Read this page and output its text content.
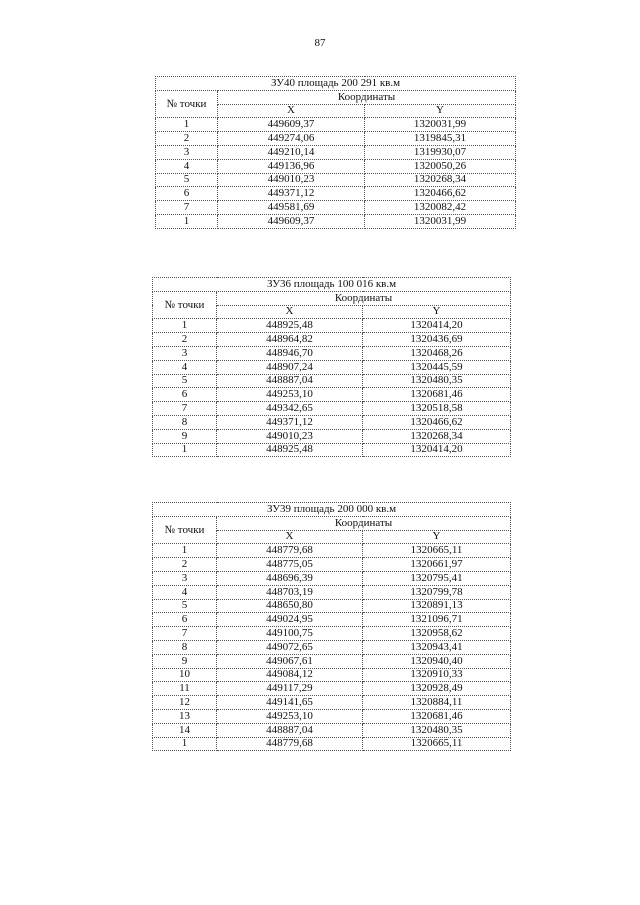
87
ЗУ40 площадь 200 291 кв.м		
№ точки	Координаты	
	X	Y
1	449609,37	1320031,99
2	449274,06	1319845,31
3	449210,14	1319930,07
4	449136,96	1320050,26
5	449010,23	1320268,34
6	449371,12	1320466,62
7	449581,69	1320082,42
1	449609,37	1320031,99
ЗУ36 площадь 100 016 кв.м		
№ точки	Координаты	
	X	Y
1	448925,48	1320414,20
2	448964,82	1320436,69
3	448946,70	1320468,26
4	448907,24	1320445,59
5	448887,04	1320480,35
6	449253,10	1320681,46
7	449342,65	1320518,58
8	449371,12	1320466,62
9	449010,23	1320268,34
1	448925,48	1320414,20
ЗУ39 площадь 200 000 кв.м		
№ точки	Координаты	
	X	Y
1	448779,68	1320665,11
2	448775,05	1320661,97
3	448696,39	1320795,41
4	448703,19	1320799,78
5	448650,80	1320891,13
6	449024,95	1321096,71
7	449100,75	1320958,62
8	449072,65	1320943,41
9	449067,61	1320940,40
10	449084,12	1320910,33
11	449117,29	1320928,49
12	449141,65	1320884,11
13	449253,10	1320681,46
14	448887,04	1320480,35
1	448779,68	1320665,11
